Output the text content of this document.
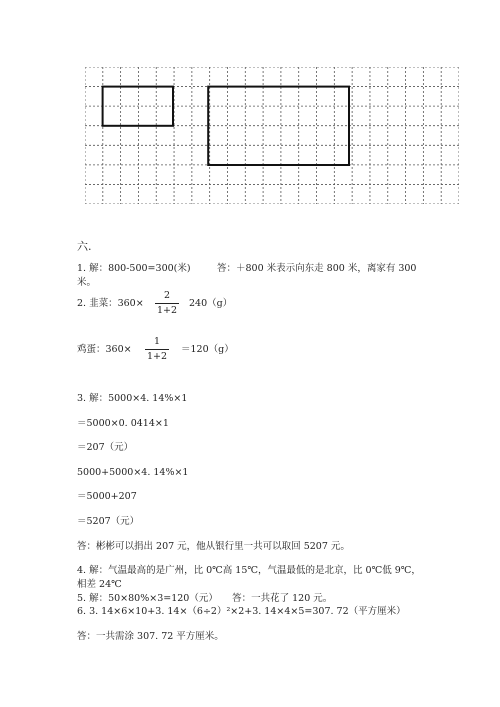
六.
1. 解：800-500=300(米)	答：＋800 米表示向东走 800 米，离家有 300
米。
2. 韭菜：360×
2
1+2
240（g）
鸡蛋：360×
1
1+2
＝120（g）
3. 解：5000×4. 14%×1
＝5000×0. 0414×1
＝207（元）
5000+5000×4. 14%×1
＝5000+207
＝5207（元）
答：彬彬可以捐出 207 元，他从银行里一共可以取回 5207 元。
4. 解：气温最高的是广州，比 0℃高 15℃，气温最低的是北京，比 0℃低 9℃，
相差 24℃
5. 解：50×80%×3=120（元）　　答：一共花了 120 元。
6. 3. 14×6×10+3. 14×（6÷2）²×2+3. 14×4×5=307. 72（平方厘米）
答：一共需涂 307. 72 平方厘米。
